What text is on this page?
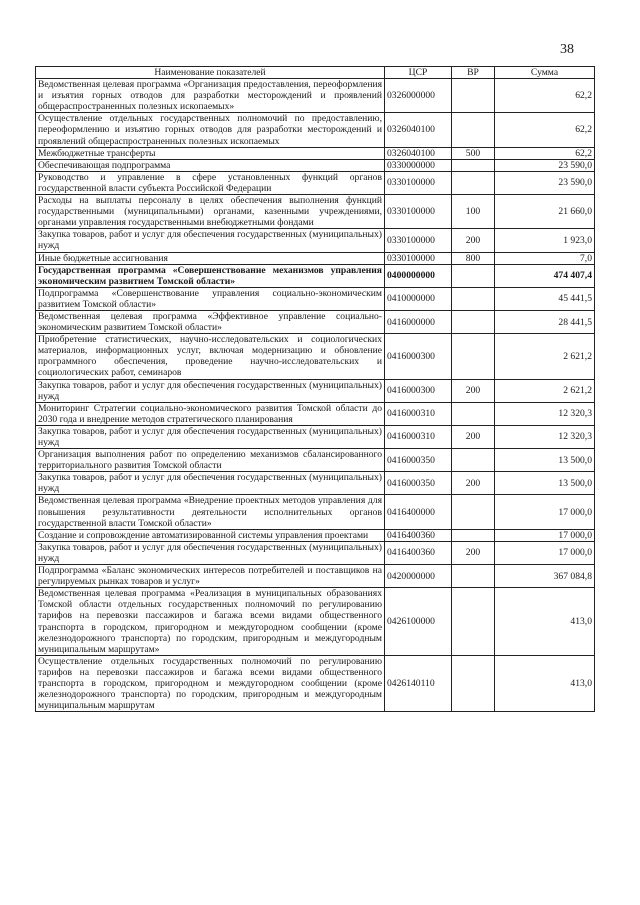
38
Наименование показателей	ЦСР	ВР	Сумма
Ведомственная целевая программа «Организация предоставления, переоформления и изъятия горных отводов для разработки месторождений и проявлений общераспространенных полезных ископаемых»	0326000000		62,2
Осуществление отдельных государственных полномочий по предоставлению, переоформлению и изъятию горных отводов для разработки месторождений и проявлений общераспространенных полезных ископаемых	0326040100		62,2
Межбюджетные трансферты	0326040100	500	62,2
Обеспечивающая подпрограмма	0330000000		23 590,0
Руководство и управление в сфере установленных функций органов государственной власти субъекта Российской Федерации	0330100000		23 590,0
Расходы на выплаты персоналу в целях обеспечения выполнения функций государственными (муниципальными) органами, казенными учреждениями, органами управления государственными внебюджетными фондами	0330100000	100	21 660,0
Закупка товаров, работ и услуг для обеспечения государственных (муниципальных) нужд	0330100000	200	1 923,0
Иные бюджетные ассигнования	0330100000	800	7,0
Государственная программа «Совершенствование механизмов управления экономическим развитием Томской области»	0400000000		474 407,4
Подпрограмма «Совершенствование управления социально-экономическим развитием Томской области»	0410000000		45 441,5
Ведомственная целевая программа «Эффективное управление социально-экономическим развитием Томской области»	0416000000		28 441,5
Приобретение статистических, научно-исследовательских и социологических материалов, информационных услуг, включая модернизацию и обновление программного обеспечения, проведение научно-исследовательских и социологических работ, семинаров	0416000300		2 621,2
Закупка товаров, работ и услуг для обеспечения государственных (муниципальных) нужд	0416000300	200	2 621,2
Мониторинг Стратегии социально-экономического развития Томской области до 2030 года и внедрение методов стратегического планирования	0416000310		12 320,3
Закупка товаров, работ и услуг для обеспечения государственных (муниципальных) нужд	0416000310	200	12 320,3
Организация выполнения работ по определению механизмов сбалансированного территориального развития Томской области	0416000350		13 500,0
Закупка товаров, работ и услуг для обеспечения государственных (муниципальных) нужд	0416000350	200	13 500,0
Ведомственная целевая программа «Внедрение проектных методов управления для повышения результативности деятельности исполнительных органов государственной власти Томской области»	0416400000		17 000,0
Создание и сопровождение автоматизированной системы управления проектами	0416400360		17 000,0
Закупка товаров, работ и услуг для обеспечения государственных (муниципальных) нужд	0416400360	200	17 000,0
Подпрограмма «Баланс экономических интересов потребителей и поставщиков на регулируемых рынках товаров и услуг»	0420000000		367 084,8
Ведомственная целевая программа «Реализация в муниципальных образованиях Томской области отдельных государственных полномочий по регулированию тарифов на перевозки пассажиров и багажа всеми видами общественного транспорта в городском, пригородном и междугородном сообщении (кроме железнодорожного транспорта) по городским, пригородным и междугородным муниципальным маршрутам»	0426100000		413,0
Осуществление отдельных государственных полномочий по регулированию тарифов на перевозки пассажиров и багажа всеми видами общественного транспорта в городском, пригородном и междугородном сообщении (кроме железнодорожного транспорта) по городским, пригородным и междугородным муниципальным маршрутам	0426140110		413,0
